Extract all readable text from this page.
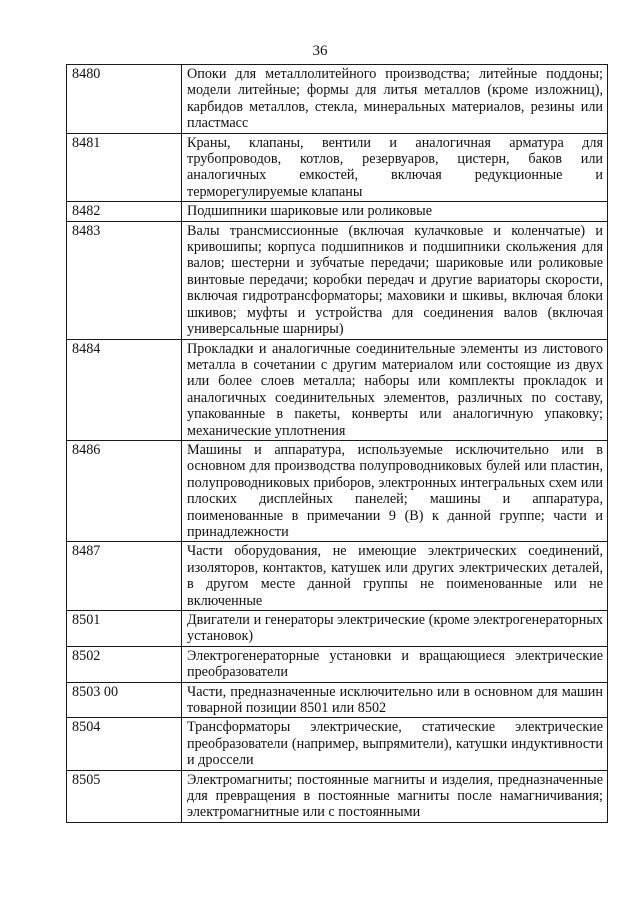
36
8480	Опоки для металлолитейного производства; литейные поддоны; модели литейные; формы для литья металлов (кроме изложниц), карбидов металлов, стекла, минеральных материалов, резины или пластмасс
8481	Краны, клапаны, вентили и аналогичная арматура для трубопроводов, котлов, резервуаров, цистерн, баков или аналогичных емкостей, включая редукционные и терморегулируемые клапаны
8482	Подшипники шариковые или роликовые
8483	Валы трансмиссионные (включая кулачковые и коленчатые) и кривошипы; корпуса подшипников и подшипники скольжения для валов; шестерни и зубчатые передачи; шариковые или роликовые винтовые передачи; коробки передач и другие вариаторы скорости, включая гидротрансформаторы; маховики и шкивы, включая блоки шкивов; муфты и устройства для соединения валов (включая универсальные шарниры)
8484	Прокладки и аналогичные соединительные элементы из листового металла в сочетании с другим материалом или состоящие из двух или более слоев металла; наборы или комплекты прокладок и аналогичных соединительных элементов, различных по составу, упакованные в пакеты, конверты или аналогичную упаковку; механические уплотнения
8486	Машины и аппаратура, используемые исключительно или в основном для производства полупроводниковых булей или пластин, полупроводниковых приборов, электронных интегральных схем или плоских дисплейных панелей; машины и аппаратура, поименованные в примечании 9 (В) к данной группе; части и принадлежности
8487	Части оборудования, не имеющие электрических соединений, изоляторов, контактов, катушек или других электрических деталей, в другом месте данной группы не поименованные или не включенные
8501	Двигатели и генераторы электрические (кроме электрогенераторных установок)
8502	Электрогенераторные установки и вращающиеся электрические преобразователи
8503 00	Части, предназначенные исключительно или в основном для машин товарной позиции 8501 или 8502
8504	Трансформаторы электрические, статические электрические преобразователи (например, выпрямители), катушки индуктивности и дроссели
8505	Электромагниты; постоянные магниты и изделия, предназначенные для превращения в постоянные магниты после намагничивания; электромагнитные или с постоянными
